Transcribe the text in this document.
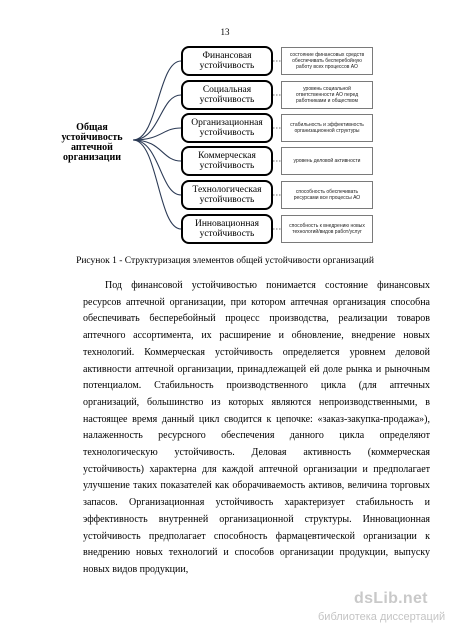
13
Общая устойчивость аптечной организации
Финансовая устойчивость
Социальная устойчивость
Организационная устойчивость
Коммерческая устойчивость
Технологическая устойчивость
Инновационная устойчивость
состояние финансовых средств обеспечивать бесперебойную работу всех процессов АО
уровень социальной ответственности АО перед работниками и обществом
стабильность и эффективность организационной структуры
уровень деловой активности
способность обеспечивать ресурсами все процессы АО
способность к внедрению новых технологий/видов работ/услуг
Рисунок 1 - Структуризация элементов общей устойчивости организаций

Под финансовой устойчивостью понимается состояние финансовых ресурсов аптечной организации, при котором аптечная организация способна обеспечивать бесперебойный процесс производства, реализации товаров аптечного ассортимента, их расширение и обновление, внедрение новых технологий. Коммерческая устойчивость определяется уровнем деловой активности аптечной организации, принадлежащей ей доле рынка и рыночным потенциалом. Стабильность производственного цикла (для аптечных организаций, большинство из которых являются непроизводственными, в настоящее время данный цикл сводится к цепочке: «заказ-закупка-продажа»), налаженность ресурсного обеспечения данного цикла определяют технологическую устойчивость. Деловая активность (коммерческая устойчивость) характерна для каждой аптечной организации и предполагает улучшение таких показателей как оборачиваемость активов, величина торговых запасов. Организационная устойчивость характеризует стабильность и эффективность внутренней организационной структуры. Инновационная устойчивость предполагает способность фармацевтической организации к внедрению новых технологий и способов организации продукции, выпуску новых видов продукции,

dsLib.net
библиотека диссертаций
